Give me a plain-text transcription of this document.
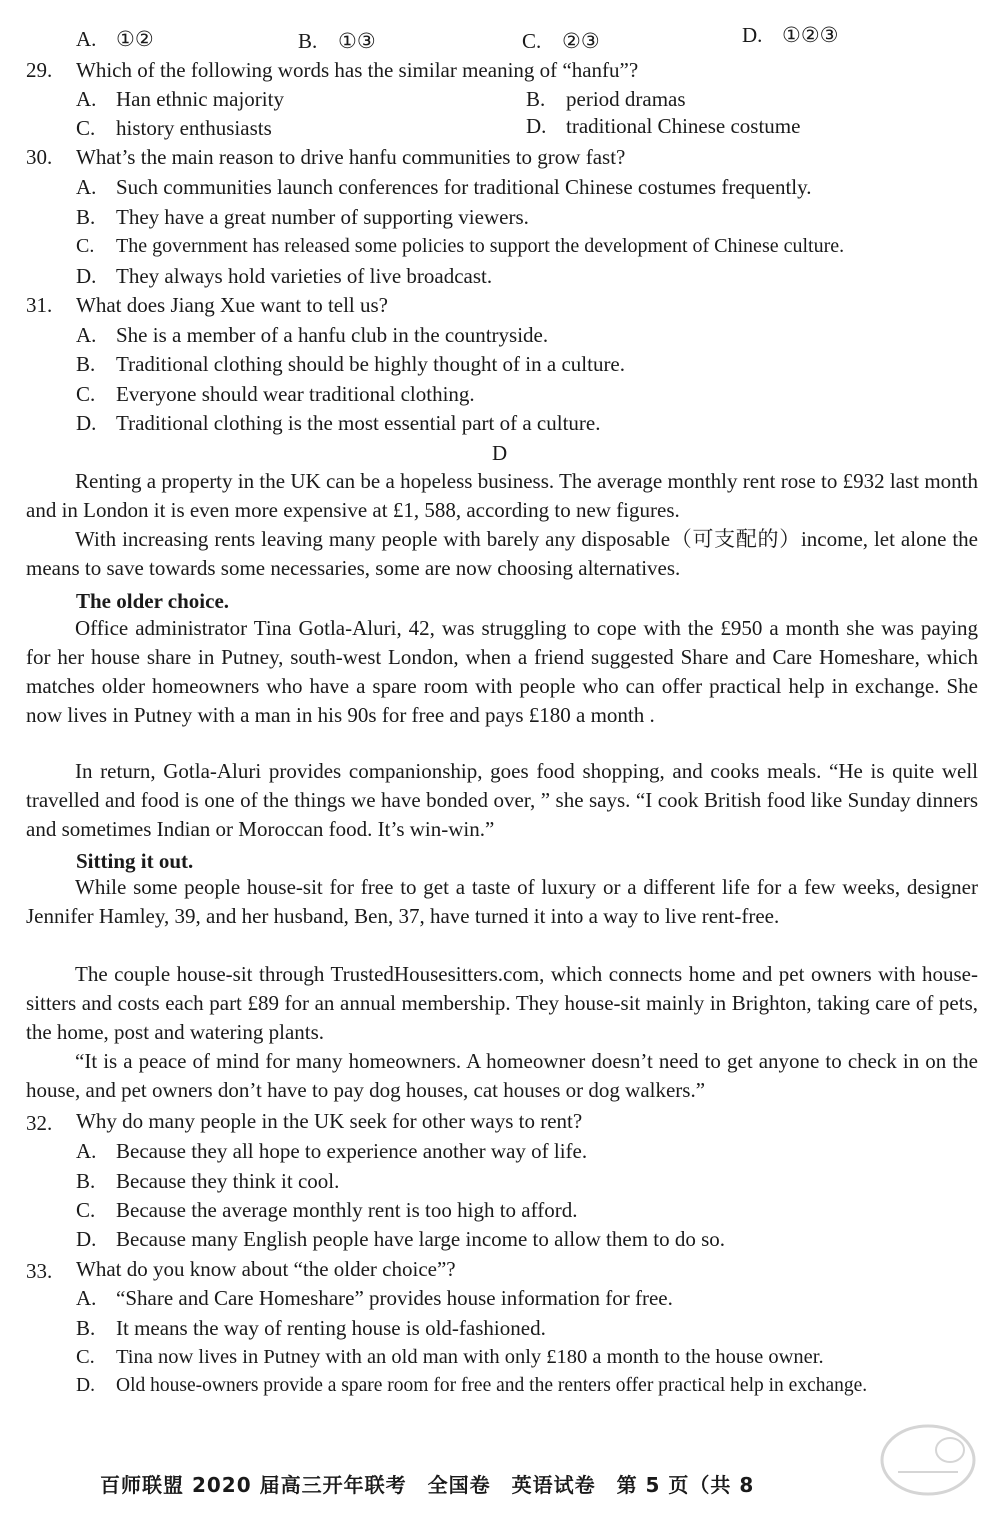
A. ①②	B. ①③	C. ②③	D. ①②③
29. Which of the following words has the similar meaning of “hanfu”?
A. Han ethnic majority	B. period dramas
C. history enthusiasts	D. traditional Chinese costume
30. What’s the main reason to drive hanfu communities to grow fast?
A. Such communities launch conferences for traditional Chinese costumes frequently.
B. They have a great number of supporting viewers.
C. The government has released some policies to support the development of Chinese culture.
D. They always hold varieties of live broadcast.
31. What does Jiang Xue want to tell us?
A. She is a member of a hanfu club in the countryside.
B. Traditional clothing should be highly thought of in a culture.
C. Everyone should wear traditional clothing.
D. Traditional clothing is the most essential part of a culture.
D
Renting a property in the UK can be a hopeless business. The average monthly rent rose to £932 last month and in London it is even more expensive at £1, 588, according to new figures.
With increasing rents leaving many people with barely any disposable（可支配的）income, let alone the means to save towards some necessaries, some are now choosing alternatives.
The older choice.
Office administrator Tina Gotla-Aluri, 42, was struggling to cope with the £950 a month she was paying for her house share in Putney, south-west London, when a friend suggested Share and Care Homeshare, which matches older homeowners who have a spare room with people who can offer practical help in exchange. She now lives in Putney with a man in his 90s for free and pays £180 a month .
In return, Gotla-Aluri provides companionship, goes food shopping, and cooks meals. “He is quite well travelled and food is one of the things we have bonded over, ” she says. “I cook British food like Sunday dinners and sometimes Indian or Moroccan food. It’s win-win.”
Sitting it out.
While some people house-sit for free to get a taste of luxury or a different life for a few weeks, designer Jennifer Hamley, 39, and her husband, Ben, 37, have turned it into a way to live rent-free.
The couple house-sit through TrustedHousesitters.com, which connects home and pet owners with house-sitters and costs each part £89 for an annual membership. They house-sit mainly in Brighton, taking care of pets, the home, post and watering plants.
“It is a peace of mind for many homeowners. A homeowner doesn’t need to get anyone to check in on the house, and pet owners don’t have to pay dog houses, cat houses or dog walkers.”
32. Why do many people in the UK seek for other ways to rent?
A. Because they all hope to experience another way of life.
B. Because they think it cool.
C. Because the average monthly rent is too high to afford.
D. Because many English people have large income to allow them to do so.
33. What do you know about “the older choice”?
A. “Share and Care Homeshare” provides house information for free.
B. It means the way of renting house is old-fashioned.
C. Tina now lives in Putney with an old man with only £180 a month to the house owner.
D. Old house-owners provide a spare room for free and the renters offer practical help in exchange.
百师联盟 2020 届高三开年联考　全国卷　英语试卷　第 5 页（共 8
